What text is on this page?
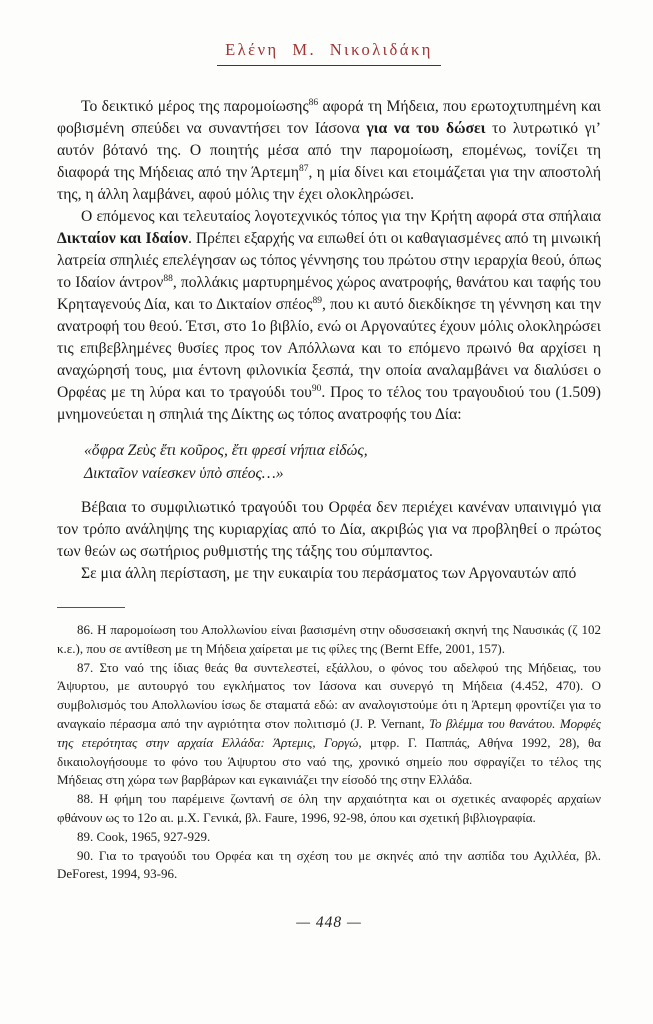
Ελένη Μ. Νικολιδάκη

Το δεικτικό μέρος της παρομοίωσης$^{86}$ αφορά τη Μήδεια, που ερωτοχτυπημένη και φοβισμένη σπεύδει να συναντήσει τον Ιάσονα για να του δώσει το λυτρωτικό γι’ αυτόν βότανό της. Ο ποιητής μέσα από την παρομοίωση, επομένως, τονίζει τη διαφορά της Μήδειας από την Άρτεμη$^{87}$, η μία δίνει και ετοιμάζεται για την αποστολή της, η άλλη λαμβάνει, αφού μόλις την έχει ολοκληρώσει.

Ο επόμενος και τελευταίος λογοτεχνικός τόπος για την Κρήτη αφορά στα σπήλαια Δικταίον και Ιδαίον. Πρέπει εξαρχής να ειπωθεί ότι οι καθαγιασμένες από τη μινωική λατρεία σπηλιές επελέγησαν ως τόπος γέννησης του πρώτου στην ιεραρχία θεού, όπως το Ιδαίον άντρον$^{88}$, πολλάκις μαρτυρημένος χώρος ανατροφής, θανάτου και ταφής του Κρηταγενούς Δία, και το Δικταίον σπέος$^{89}$, που κι αυτό διεκδίκησε τη γέννηση και την ανατροφή του θεού. Έτσι, στο 1ο βιβλίο, ενώ οι Αργοναύτες έχουν μόλις ολοκληρώσει τις επιβεβλημένες θυσίες προς τον Απόλλωνα και το επόμενο πρωινό θα αρχίσει η αναχώρησή τους, μια έντονη φιλονικία ξεσπά, την οποία αναλαμβάνει να διαλύσει ο Ορφέας με τη λύρα και το τραγούδι του$^{90}$. Προς το τέλος του τραγουδιού του (1.509) μνημονεύεται η σπηλιά της Δίκτης ως τόπος ανατροφής του Δία:

«ὄφρα Ζεὺς ἔτι κοῦρος, ἔτι φρεσί νήπια εἰδώς,
Δικταῖον ναίεσκεν ὑπὸ σπέος…»

Βέβαια το συμφιλιωτικό τραγούδι του Ορφέα δεν περιέχει κανέναν υπαινιγμό για τον τρόπο ανάληψης της κυριαρχίας από το Δία, ακριβώς για να προβληθεί ο πρώτος των θεών ως σωτήριος ρυθμιστής της τάξης του σύμπαντος.

Σε μια άλλη περίσταση, με την ευκαιρία του περάσματος των Αργοναυτών από

86. Η παρομοίωση του Απολλωνίου είναι βασισμένη στην οδυσσειακή σκηνή της Ναυσικάς (ζ 102 κ.ε.), που σε αντίθεση με τη Μήδεια χαίρεται με τις φίλες της (Bernt Effe, 2001, 157).

87. Στο ναό της ίδιας θεάς θα συντελεστεί, εξάλλου, ο φόνος του αδελφού της Μήδειας, του Άψυρτου, με αυτουργό του εγκλήματος τον Ιάσονα και συνεργό τη Μήδεια (4.452, 470). Ο συμβολισμός του Απολλωνίου ίσως δε σταματά εδώ: αν αναλογιστούμε ότι η Άρτεμη φροντίζει για το αναγκαίο πέρασμα από την αγριότητα στον πολιτισμό (J. P. Vernant, Το βλέμμα του θανάτου. Μορφές της ετερότητας στην αρχαία Ελλάδα: Άρτεμις, Γοργώ, μτφρ. Γ. Παππάς, Αθήνα 1992, 28), θα δικαιολογήσουμε το φόνο του Άψυρτου στο ναό της, χρονικό σημείο που σφραγίζει το τέλος της Μήδειας στη χώρα των βαρβάρων και εγκαινιάζει την είσοδό της στην Ελλάδα.

88. Η φήμη του παρέμεινε ζωντανή σε όλη την αρχαιότητα και οι σχετικές αναφορές αρχαίων φθάνουν ως το 12ο αι. μ.Χ. Γενικά, βλ. Faure, 1996, 92-98, όπου και σχετική βιβλιογραφία.

89. Cook, 1965, 927-929.

90. Για το τραγούδι του Ορφέα και τη σχέση του με σκηνές από την ασπίδα του Αχιλλέα, βλ. DeForest, 1994, 93-96.

— 448 —
